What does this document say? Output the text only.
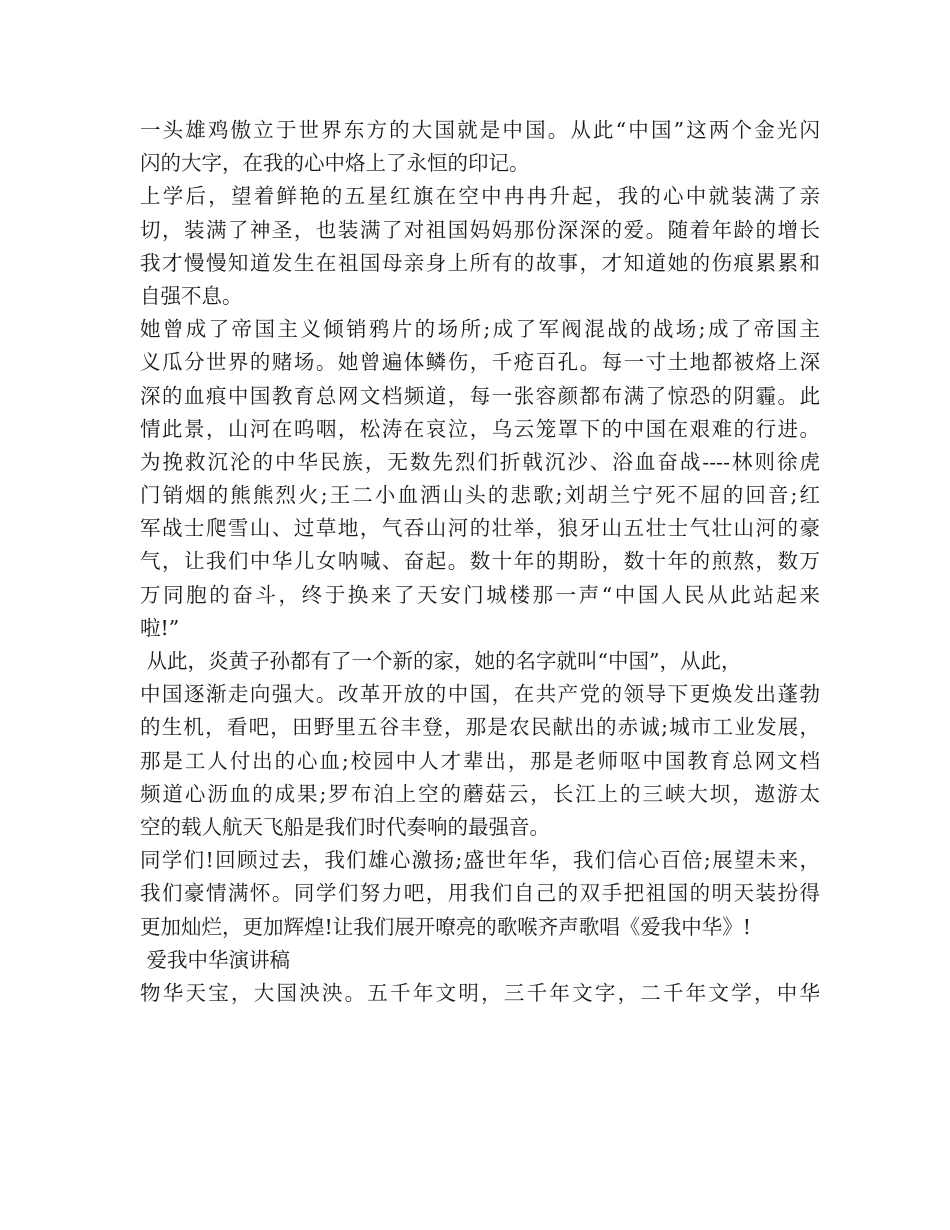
一头雄鸡傲立于世界东方的大国就是中国。从此“中国”这两个金光闪
闪的大字，在我的心中烙上了永恒的印记。
上学后，望着鲜艳的五星红旗在空中冉冉升起，我的心中就装满了亲
切，装满了神圣，也装满了对祖国妈妈那份深深的爱。随着年龄的增长
我才慢慢知道发生在祖国母亲身上所有的故事，才知道她的伤痕累累和
自强不息。
她曾成了帝国主义倾销鸦片的场所;成了军阀混战的战场;成了帝国主
义瓜分世界的赌场。她曾遍体鳞伤，千疮百孔。每一寸土地都被烙上深
深的血痕中国教育总网文档频道，每一张容颜都布满了惊恐的阴霾。此
情此景，山河在呜咽，松涛在哀泣，乌云笼罩下的中国在艰难的行进。
为挽救沉沦的中华民族，无数先烈们折戟沉沙、浴血奋战----林则徐虎
门销烟的熊熊烈火;王二小血洒山头的悲歌;刘胡兰宁死不屈的回音;红
军战士爬雪山、过草地，气吞山河的壮举，狼牙山五壮士气壮山河的豪
气，让我们中华儿女呐喊、奋起。数十年的期盼，数十年的煎熬，数万
万同胞的奋斗，终于换来了天安门城楼那一声“中国人民从此站起来
啦!”
从此，炎黄子孙都有了一个新的家，她的名字就叫“中国”，从此，
中国逐渐走向强大。改革开放的中国，在共产党的领导下更焕发出蓬勃
的生机，看吧，田野里五谷丰登，那是农民献出的赤诚;城市工业发展，
那是工人付出的心血;校园中人才辈出，那是老师呕中国教育总网文档
频道心沥血的成果;罗布泊上空的蘑菇云，长江上的三峡大坝，遨游太
空的载人航天飞船是我们时代奏响的最强音。
同学们!回顾过去，我们雄心激扬;盛世年华，我们信心百倍;展望未来，
我们豪情满怀。同学们努力吧，用我们自己的双手把祖国的明天装扮得
更加灿烂，更加辉煌!让我们展开嘹亮的歌喉齐声歌唱《爱我中华》!
爱我中华演讲稿
物华天宝，大国泱泱。五千年文明，三千年文字，二千年文学，中华
